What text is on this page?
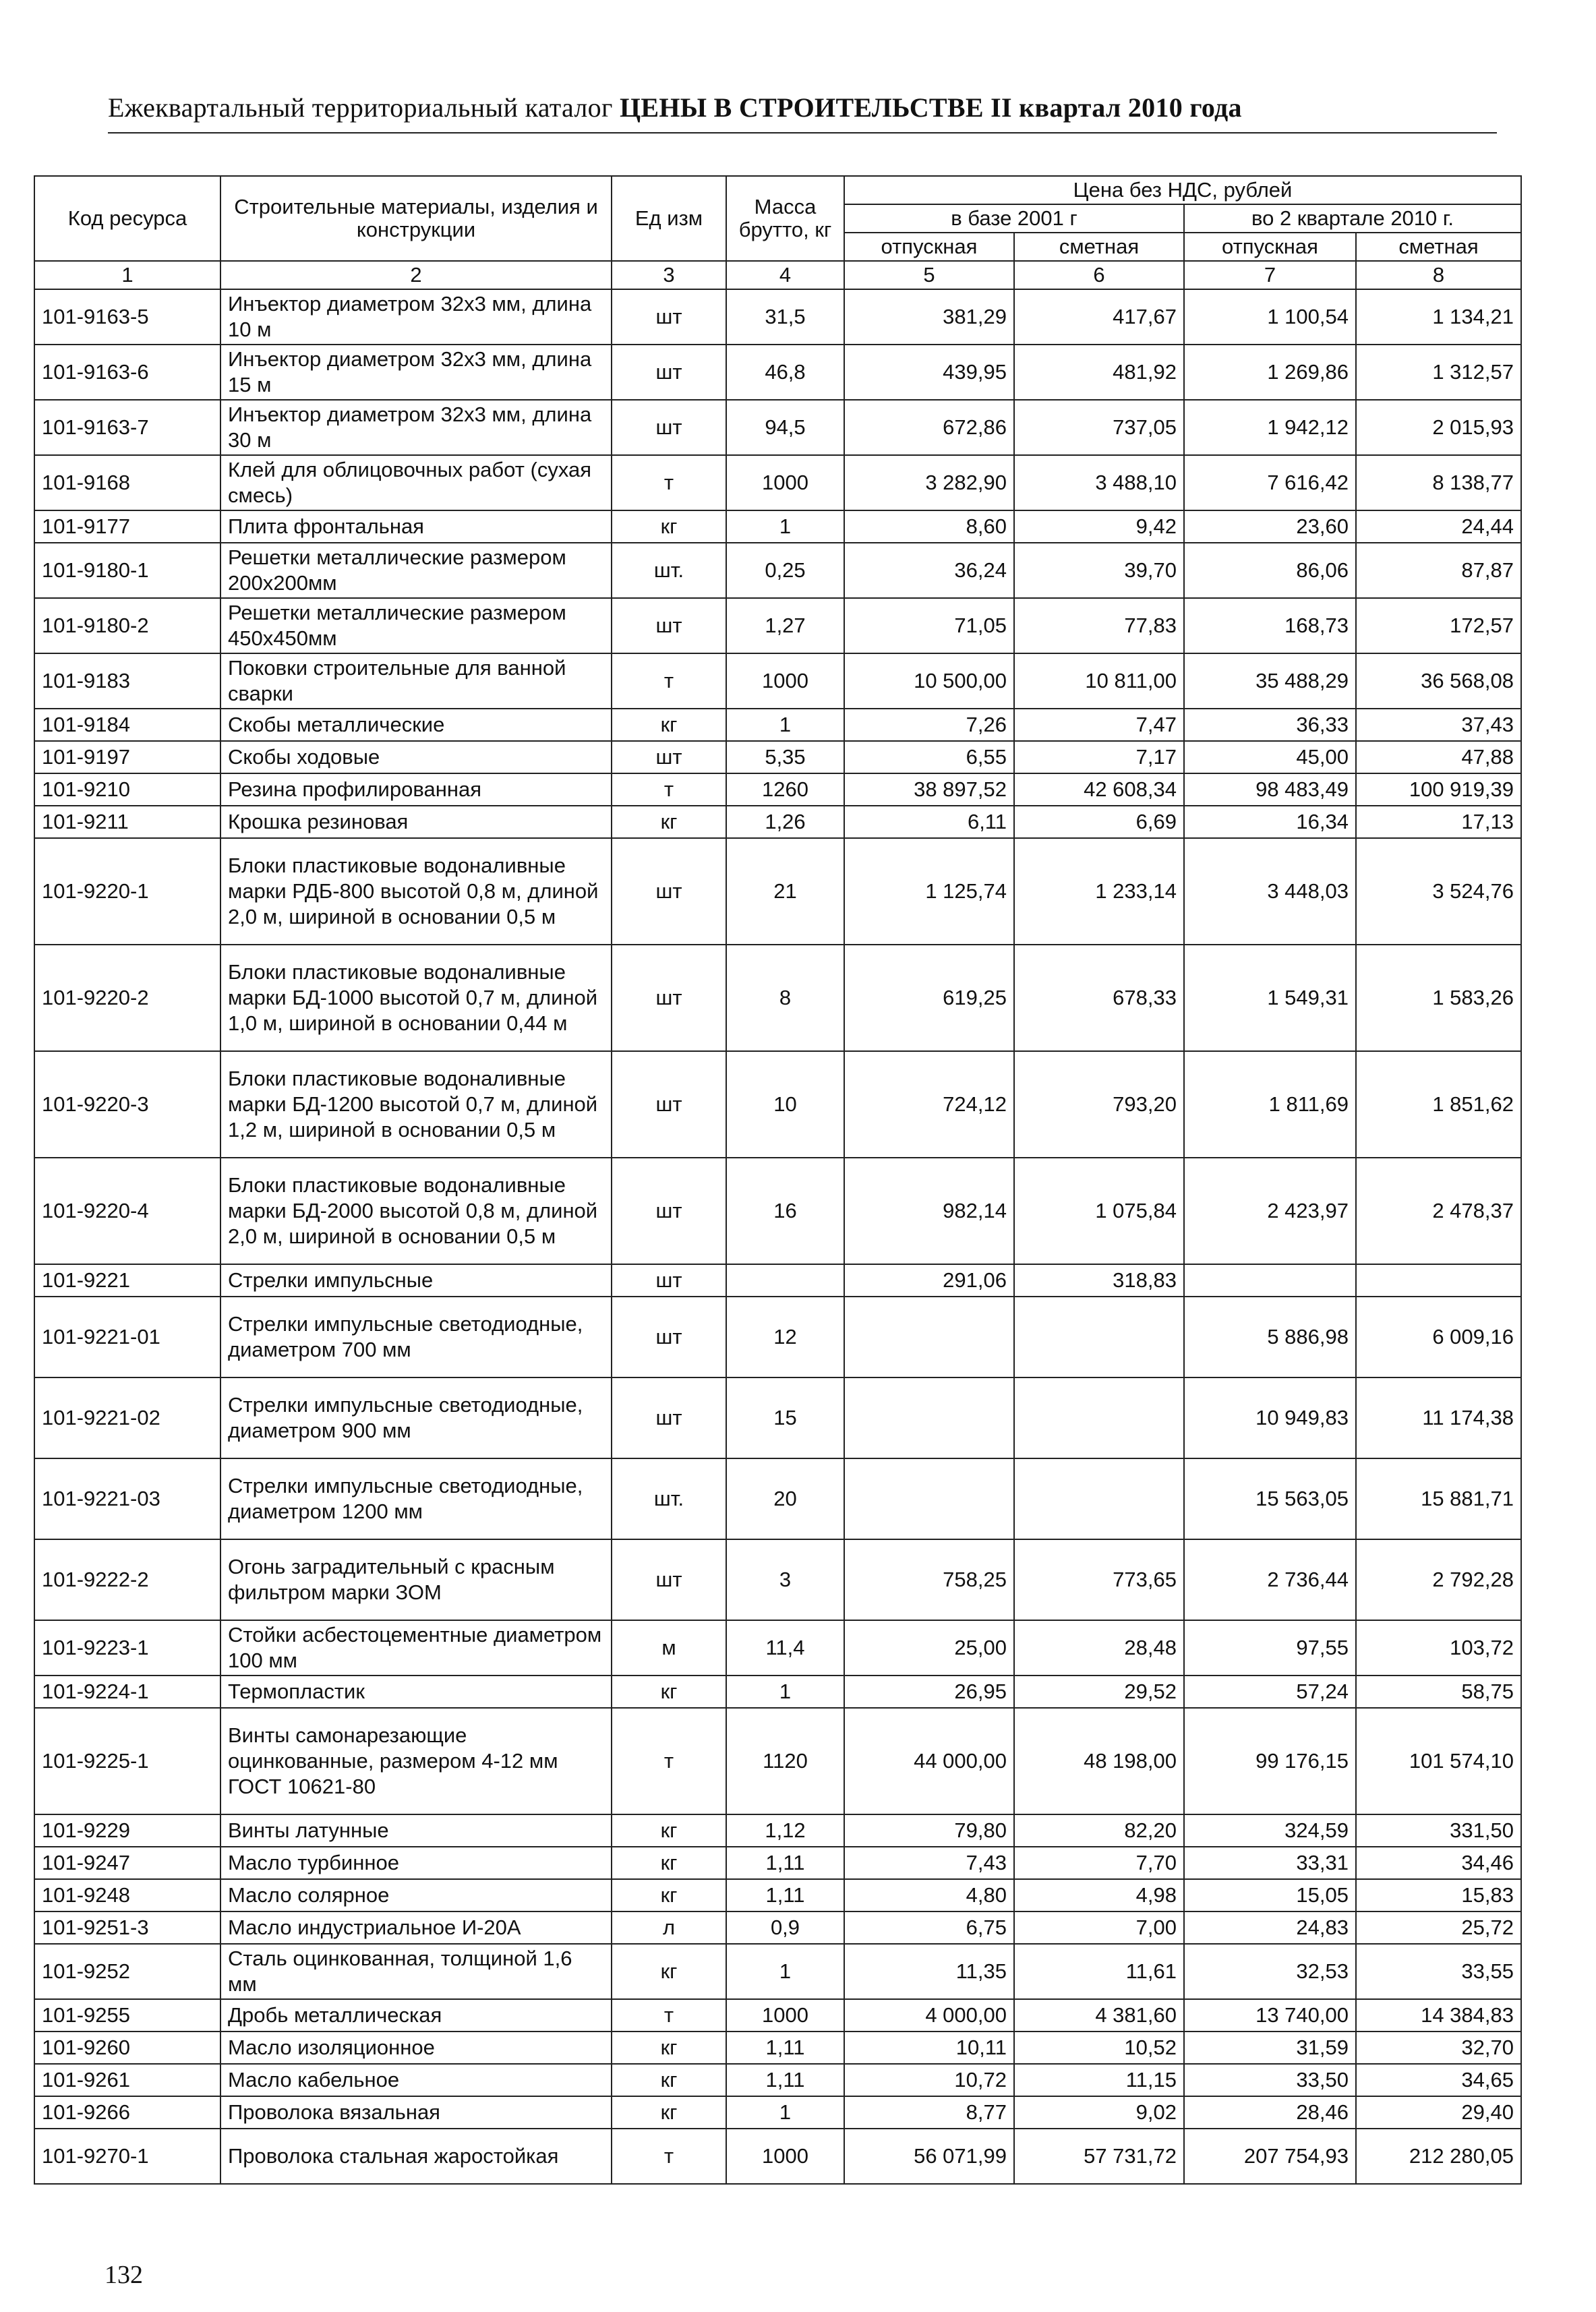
Ежеквартальный территориальный каталог ЦЕНЫ В СТРОИТЕЛЬСТВЕ II квартал 2010 года
Код ресурса	Строительные материалы, изделия и конструкции	Ед изм	Масса брутто, кг	Цена без НДС, рублей			
				в базе 2001 г		во 2 квартале 2010 г.	
				отпускная	сметная	отпускная	сметная
1	2	3	4	5	6	7	8
101-9163-5	Инъектор диаметром 32х3 мм, длина 10 м	шт	31,5	381,29	417,67	1 100,54	1 134,21
101-9163-6	Инъектор диаметром 32х3 мм, длина 15 м	шт	46,8	439,95	481,92	1 269,86	1 312,57
101-9163-7	Инъектор диаметром 32х3 мм, длина 30 м	шт	94,5	672,86	737,05	1 942,12	2 015,93
101-9168	Клей для облицовочных работ (сухая смесь)	т	1000	3 282,90	3 488,10	7 616,42	8 138,77
101-9177	Плита фронтальная	кг	1	8,60	9,42	23,60	24,44
101-9180-1	Решетки металлические размером 200х200мм	шт.	0,25	36,24	39,70	86,06	87,87
101-9180-2	Решетки металлические размером 450х450мм	шт	1,27	71,05	77,83	168,73	172,57
101-9183	Поковки строительные для ванной сварки	т	1000	10 500,00	10 811,00	35 488,29	36 568,08
101-9184	Скобы металлические	кг	1	7,26	7,47	36,33	37,43
101-9197	Скобы ходовые	шт	5,35	6,55	7,17	45,00	47,88
101-9210	Резина профилированная	т	1260	38 897,52	42 608,34	98 483,49	100 919,39
101-9211	Крошка резиновая	кг	1,26	6,11	6,69	16,34	17,13
101-9220-1	Блоки пластиковые водоналивные марки РДБ-800 высотой 0,8 м, длиной 2,0 м, шириной в основании 0,5 м	шт	21	1 125,74	1 233,14	3 448,03	3 524,76
101-9220-2	Блоки пластиковые водоналивные марки БД-1000 высотой 0,7 м, длиной 1,0 м, шириной в основании 0,44 м	шт	8	619,25	678,33	1 549,31	1 583,26
101-9220-3	Блоки пластиковые водоналивные марки БД-1200 высотой 0,7 м, длиной 1,2 м, шириной в основании 0,5 м	шт	10	724,12	793,20	1 811,69	1 851,62
101-9220-4	Блоки пластиковые водоналивные марки БД-2000 высотой 0,8 м, длиной 2,0 м, шириной в основании 0,5 м	шт	16	982,14	1 075,84	2 423,97	2 478,37
101-9221	Стрелки импульсные	шт		291,06	318,83		
101-9221-01	Стрелки импульсные светодиодные, диаметром 700 мм	шт	12			5 886,98	6 009,16
101-9221-02	Стрелки импульсные светодиодные, диаметром 900 мм	шт	15			10 949,83	11 174,38
101-9221-03	Стрелки импульсные светодиодные, диаметром 1200 мм	шт.	20			15 563,05	15 881,71
101-9222-2	Огонь заградительный с красным фильтром марки ЗОМ	шт	3	758,25	773,65	2 736,44	2 792,28
101-9223-1	Стойки асбестоцементные диаметром 100 мм	м	11,4	25,00	28,48	97,55	103,72
101-9224-1	Термопластик	кг	1	26,95	29,52	57,24	58,75
101-9225-1	Винты самонарезающие оцинкованные, размером 4-12 мм ГОСТ 10621-80	т	1120	44 000,00	48 198,00	99 176,15	101 574,10
101-9229	Винты латунные	кг	1,12	79,80	82,20	324,59	331,50
101-9247	Масло турбинное	кг	1,11	7,43	7,70	33,31	34,46
101-9248	Масло солярное	кг	1,11	4,80	4,98	15,05	15,83
101-9251-3	Масло индустриальное И-20А	л	0,9	6,75	7,00	24,83	25,72
101-9252	Сталь оцинкованная, толщиной 1,6 мм	кг	1	11,35	11,61	32,53	33,55
101-9255	Дробь металлическая	т	1000	4 000,00	4 381,60	13 740,00	14 384,83
101-9260	Масло изоляционное	кг	1,11	10,11	10,52	31,59	32,70
101-9261	Масло кабельное	кг	1,11	10,72	11,15	33,50	34,65
101-9266	Проволока вязальная	кг	1	8,77	9,02	28,46	29,40
101-9270-1	Проволока стальная жаростойкая	т	1000	56 071,99	57 731,72	207 754,93	212 280,05
132
